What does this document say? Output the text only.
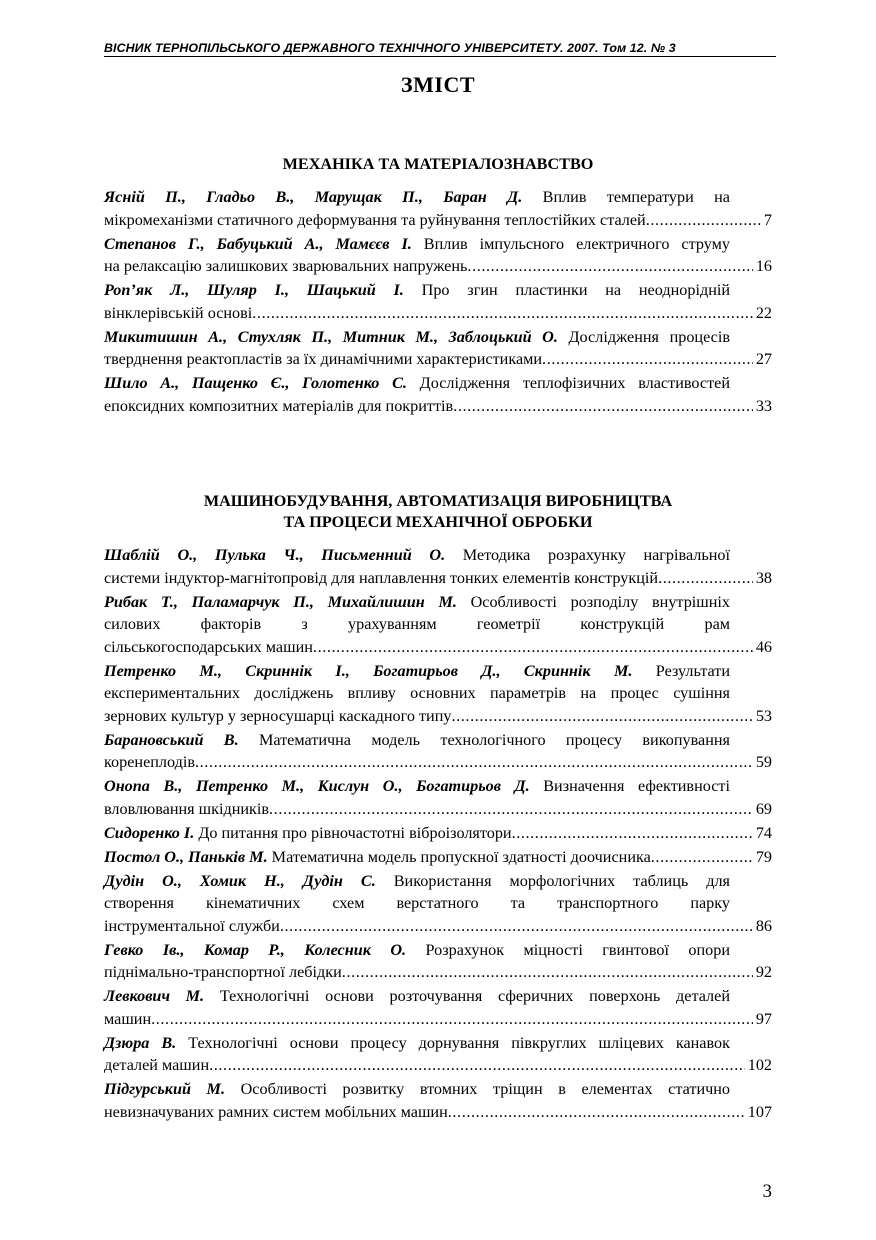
ВІСНИК ТЕРНОПІЛЬСЬКОГО ДЕРЖАВНОГО ТЕХНІЧНОГО УНІВЕРСИТЕТУ. 2007. Том 12. № 3
ЗМІСТ
МЕХАНІКА ТА МАТЕРІАЛОЗНАВСТВО
Ясній П., Гладьо В., Марущак П., Баран Д. Вплив температури на
мікромеханізми статичного деформування та руйнування теплостійких сталей .....	7
Степанов Г., Бабуцький А., Мамєєв І. Вплив імпульсного електричного струму
на релаксацію залишкових зварювальних напружень .....	16
Роп’як Л., Шуляр І., Шацький І. Про згин пластинки на неоднорідній
вінклерівській основі .....	22
Микитишин А., Стухляк П., Митник М., Заблоцький О. Дослідження процесів
тверднення реактопластів за їх динамічними характеристиками .....	27
Шило А., Пащенко Є., Голотенко С. Дослідження теплофізичних властивостей
епоксидних композитних матеріалів для покриттів .....	33
МАШИНОБУДУВАННЯ, АВТОМАТИЗАЦІЯ ВИРОБНИЦТВА
ТА ПРОЦЕСИ МЕХАНІЧНОЇ ОБРОБКИ
Шаблій О., Пулька Ч., Письменний О. Методика розрахунку нагрівальної
системи індуктор-магнітопровід для наплавлення тонких елементів конструкцій .....	38
Рибак Т., Паламарчук П., Михайлишин М. Особливості розподілу внутрішніх
силових факторів з урахуванням геометрії конструкцій рам
сільськогосподарських машин .....	46
Петренко М., Скриннік І., Богатирьов Д., Скриннік М. Результати
експериментальних досліджень впливу основних параметрів на процес сушіння
зернових культур у зерносушарці каскадного типу .....	53
Барановський В. Математична модель технологічного процесу викопування
коренеплодів .....	59
Онопа В., Петренко М., Кислун О., Богатирьов Д. Визначення ефективності
вловлювання шкідників .....	69
Сидоренко І. До питання про рівночастотні віброізолятори .....	74
Постол О., Паньків М. Математична модель пропускної здатності доочисника .....	79
Дудін О., Хомик Н., Дудін С. Використання морфологічних таблиць для
створення кінематичних схем верстатного та транспортного парку
інструментальної служби .....	86
Гевко Ів., Комар Р., Колесник О. Розрахунок міцності гвинтової опори
піднімально-транспортної лебідки .....	92
Левкович М. Технологічні основи розточування сферичних поверхонь деталей
машин .....	97
Дзюра В. Технологічні основи процесу дорнування півкруглих шліцевих канавок
деталей машин .....	102
Підгурський М. Особливості розвитку втомних тріщин в елементах статично
невизначуваних рамних систем мобільних машин .....	107
3
